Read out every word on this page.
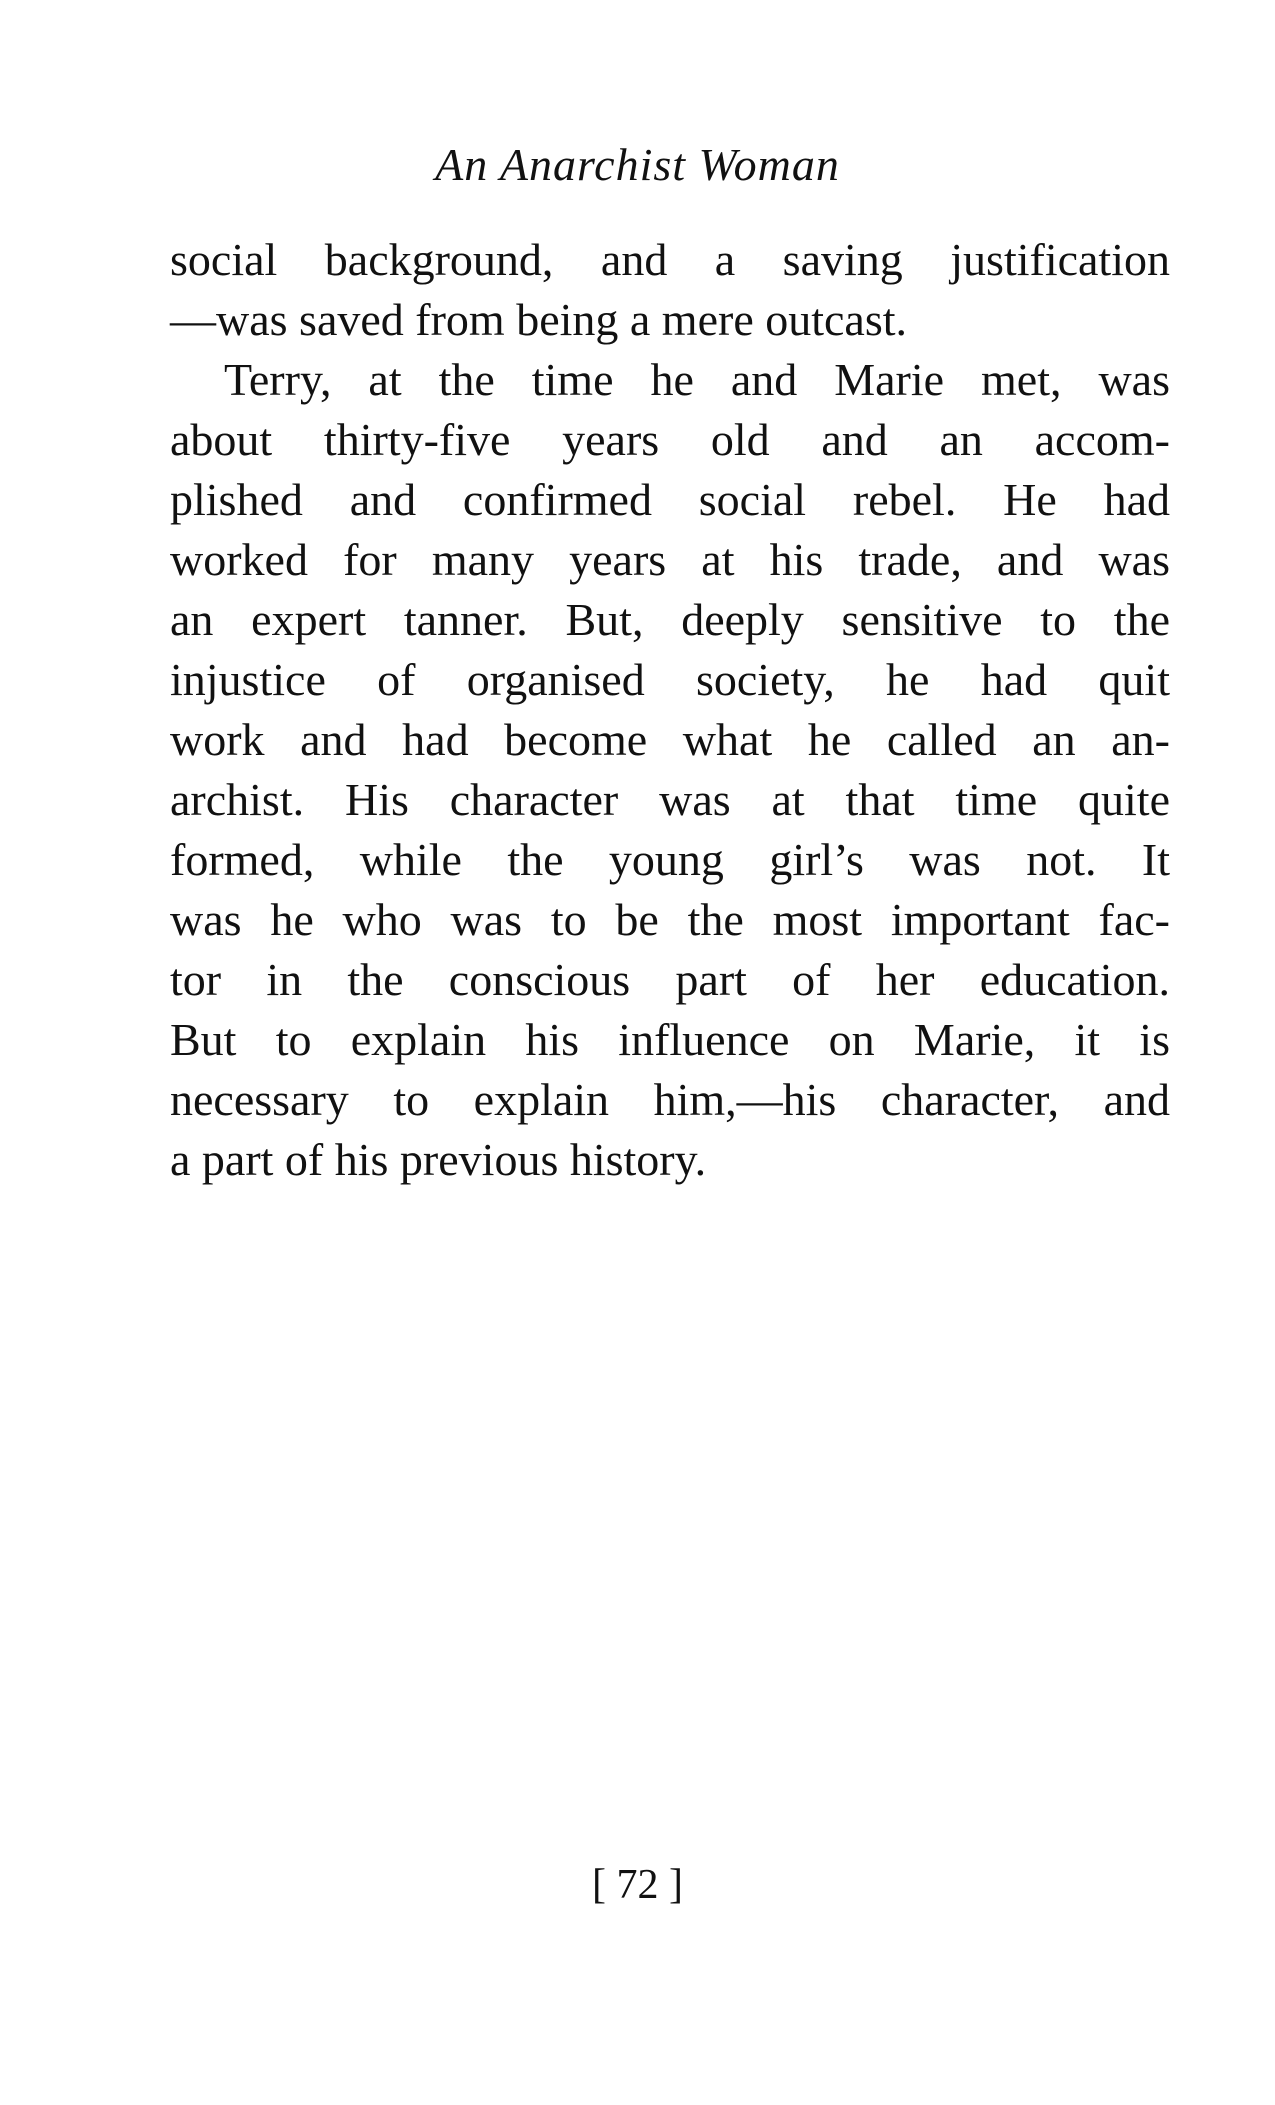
An Anarchist Woman
social background, and a saving justification
—was saved from being a mere outcast.
Terry, at the time he and Marie met, was
about thirty-five years old and an accom-
plished and confirmed social rebel. He had
worked for many years at his trade, and was
an expert tanner. But, deeply sensitive to the
injustice of organised society, he had quit
work and had become what he called an an-
archist. His character was at that time quite
formed, while the young girl’s was not. It
was he who was to be the most important fac-
tor in the conscious part of her education.
But to explain his influence on Marie, it is
necessary to explain him,—his character, and
a part of his previous history.
[ 72 ]
